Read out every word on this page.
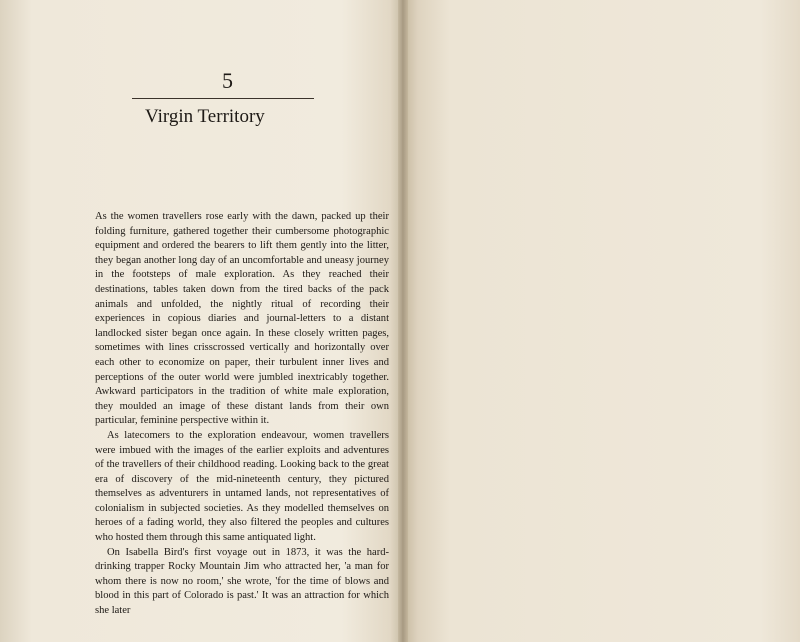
5
Virgin Territory

As the women travellers rose early with the dawn, packed up their folding furniture, gathered together their cumbersome photographic equipment and ordered the bearers to lift them gently into the litter, they began another long day of an uncomfortable and uneasy journey in the footsteps of male exploration. As they reached their destinations, tables taken down from the tired backs of the pack animals and unfolded, the nightly ritual of recording their experiences in copious diaries and journal-letters to a distant landlocked sister began once again. In these closely written pages, sometimes with lines crisscrossed vertically and horizontally over each other to economize on paper, their turbulent inner lives and perceptions of the outer world were jumbled inextricably together. Awkward participators in the tradition of white male exploration, they moulded an image of these distant lands from their own particular, feminine perspective within it.

As latecomers to the exploration endeavour, women travellers were imbued with the images of the earlier exploits and adventures of the travellers of their childhood reading. Looking back to the great era of discovery of the mid-nineteenth century, they pictured themselves as adventurers in untamed lands, not representatives of colonialism in subjected societies. As they modelled themselves on heroes of a fading world, they also filtered the peoples and cultures who hosted them through this same antiquated light.

On Isabella Bird's first voyage out in 1873, it was the hard-drinking trapper Rocky Mountain Jim who attracted her, 'a man for whom there is now no room,' she wrote, 'for the time of blows and blood in this part of Colorado is past.' It was an attraction for which she later
